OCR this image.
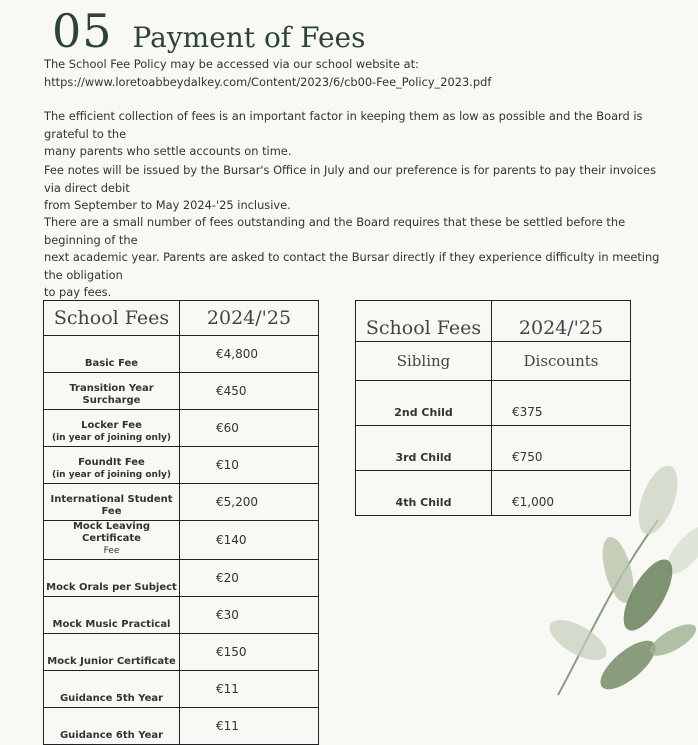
05 Payment of Fees

The School Fee Policy may be accessed via our school website at:
https://www.loretoabbeydalkey.com/Content/2023/6/cb00-Fee_Policy_2023.pdf

The efficient collection of fees is an important factor in keeping them as low as possible and the Board is grateful to the
many parents who settle accounts on time.

Fee notes will be issued by the Bursar's Office in July and our preference is for parents to pay their invoices via direct debit
from September to May 2024-'25 inclusive.

There are a small number of fees outstanding and the Board requires that these be settled before the beginning of the
next academic year. Parents are asked to contact the Bursar directly if they experience difficulty in meeting the obligation
to pay fees.

School Fees	2024/'25
Basic Fee	€4,800
Transition Year Surcharge	€450
Locker Fee
(in year of joining only)	€60
FoundIt Fee
(in year of joining only)	€10
International Student Fee	€5,200
Mock Leaving Certificate
Fee	€140
Mock Orals per Subject	€20
Mock Music Practical	€30
Mock Junior Certificate	€150
Guidance 5th Year	€11
Guidance 6th Year	€11
School Fees	2024/'25
Sibling	Discounts
2nd Child	€375
3rd Child	€750
4th Child	€1,000
